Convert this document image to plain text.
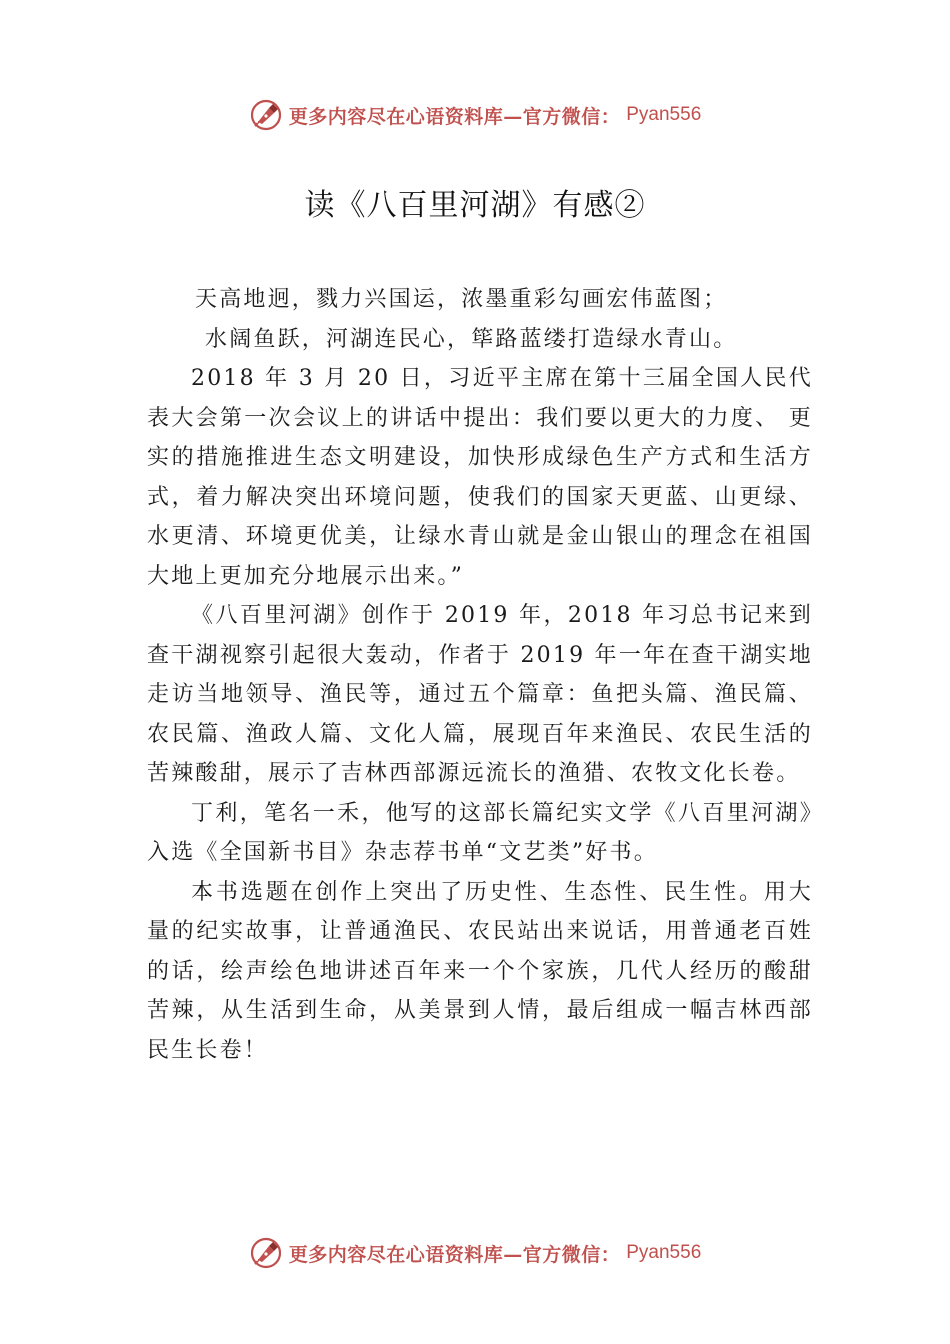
更多内容尽在心语资料库—官方微信： Pyan556
读《八百里河湖》有感②

天高地迥，戮力兴国运，浓墨重彩勾画宏伟蓝图；

水阔鱼跃，河湖连民心，筚路蓝缕打造绿水青山。

2018 年 3 月 20 日，习近平主席在第十三届全国人民代表大会第一次会议上的讲话中提出：我们要以更大的力度、 更实的措施推进生态文明建设，加快形成绿色生产方式和生活方式，着力解决突出环境问题，使我们的国家天更蓝、山更绿、水更清、环境更优美，让绿水青山就是金山银山的理念在祖国大地上更加充分地展示出来。”

《八百里河湖》创作于 2019 年，2018 年习总书记来到查干湖视察引起很大轰动，作者于 2019 年一年在查干湖实地走访当地领导、渔民等，通过五个篇章：鱼把头篇、渔民篇、农民篇、渔政人篇、文化人篇，展现百年来渔民、农民生活的苦辣酸甜，展示了吉林西部源远流长的渔猎、农牧文化长卷。

丁利，笔名一禾，他写的这部长篇纪实文学《八百里河湖》入选《全国新书目》杂志荐书单“文艺类”好书。

本书选题在创作上突出了历史性、生态性、民生性。用大量的纪实故事，让普通渔民、农民站出来说话，用普通老百姓的话，绘声绘色地讲述百年来一个个家族，几代人经历的酸甜苦辣，从生活到生命，从美景到人情，最后组成一幅吉林西部民生长卷！

更多内容尽在心语资料库—官方微信： Pyan556
